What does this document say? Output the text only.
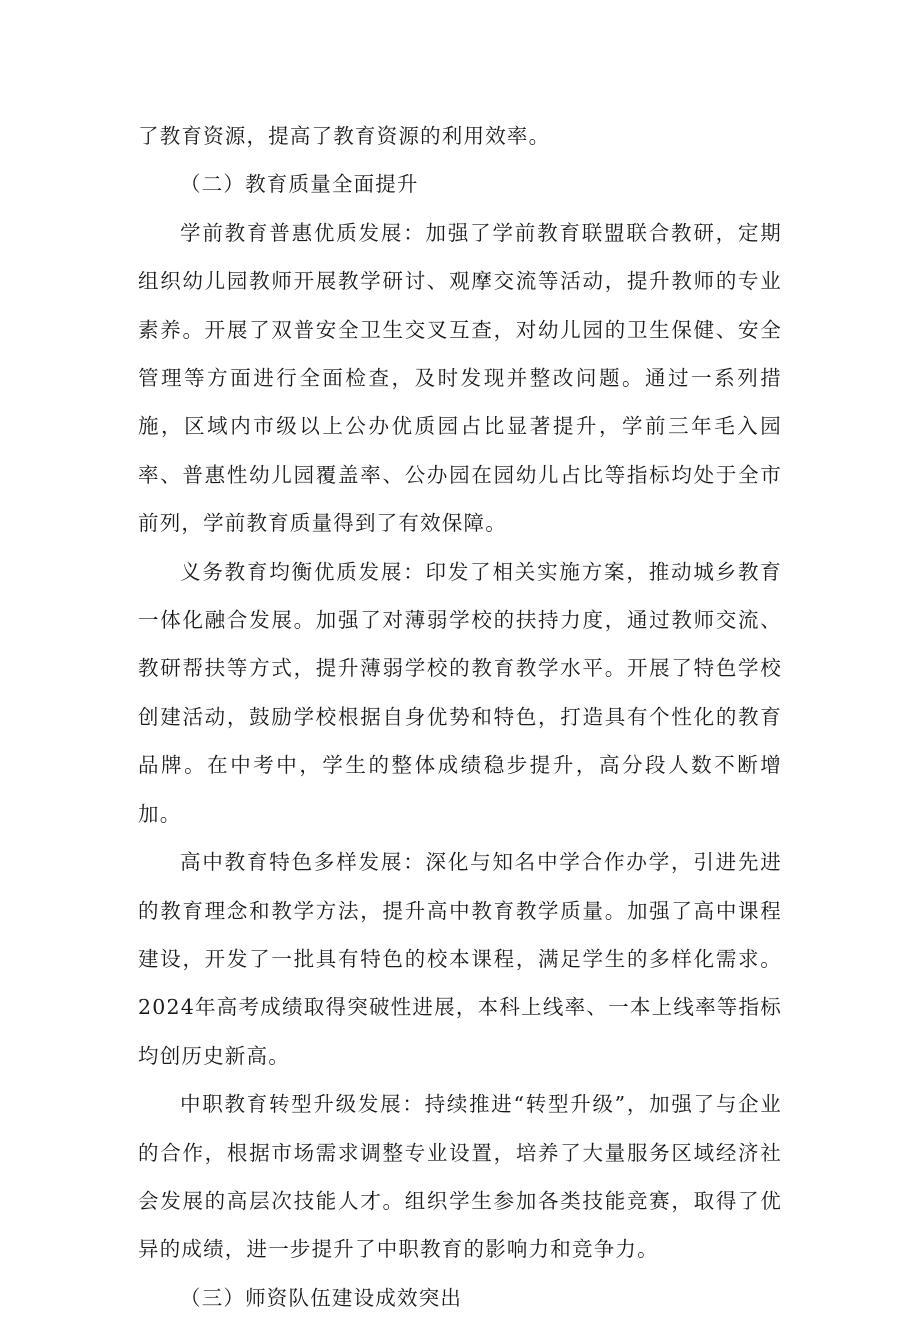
了教育资源，提高了教育资源的利用效率。

（二）教育质量全面提升

学前教育普惠优质发展：加强了学前教育联盟联合教研，定期组织幼儿园教师开展教学研讨、观摩交流等活动，提升教师的专业素养。开展了双普安全卫生交叉互查，对幼儿园的卫生保健、安全管理等方面进行全面检查，及时发现并整改问题。通过一系列措施，区域内市级以上公办优质园占比显著提升，学前三年毛入园率、普惠性幼儿园覆盖率、公办园在园幼儿占比等指标均处于全市前列，学前教育质量得到了有效保障。

义务教育均衡优质发展：印发了相关实施方案，推动城乡教育一体化融合发展。加强了对薄弱学校的扶持力度，通过教师交流、教研帮扶等方式，提升薄弱学校的教育教学水平。开展了特色学校创建活动，鼓励学校根据自身优势和特色，打造具有个性化的教育品牌。在中考中，学生的整体成绩稳步提升，高分段人数不断增加。

高中教育特色多样发展：深化与知名中学合作办学，引进先进的教育理念和教学方法，提升高中教育教学质量。加强了高中课程建设，开发了一批具有特色的校本课程，满足学生的多样化需求。2024年高考成绩取得突破性进展，本科上线率、一本上线率等指标均创历史新高。

中职教育转型升级发展：持续推进“转型升级”，加强了与企业的合作，根据市场需求调整专业设置，培养了大量服务区域经济社会发展的高层次技能人才。组织学生参加各类技能竞赛，取得了优异的成绩，进一步提升了中职教育的影响力和竞争力。

（三）师资队伍建设成效突出
